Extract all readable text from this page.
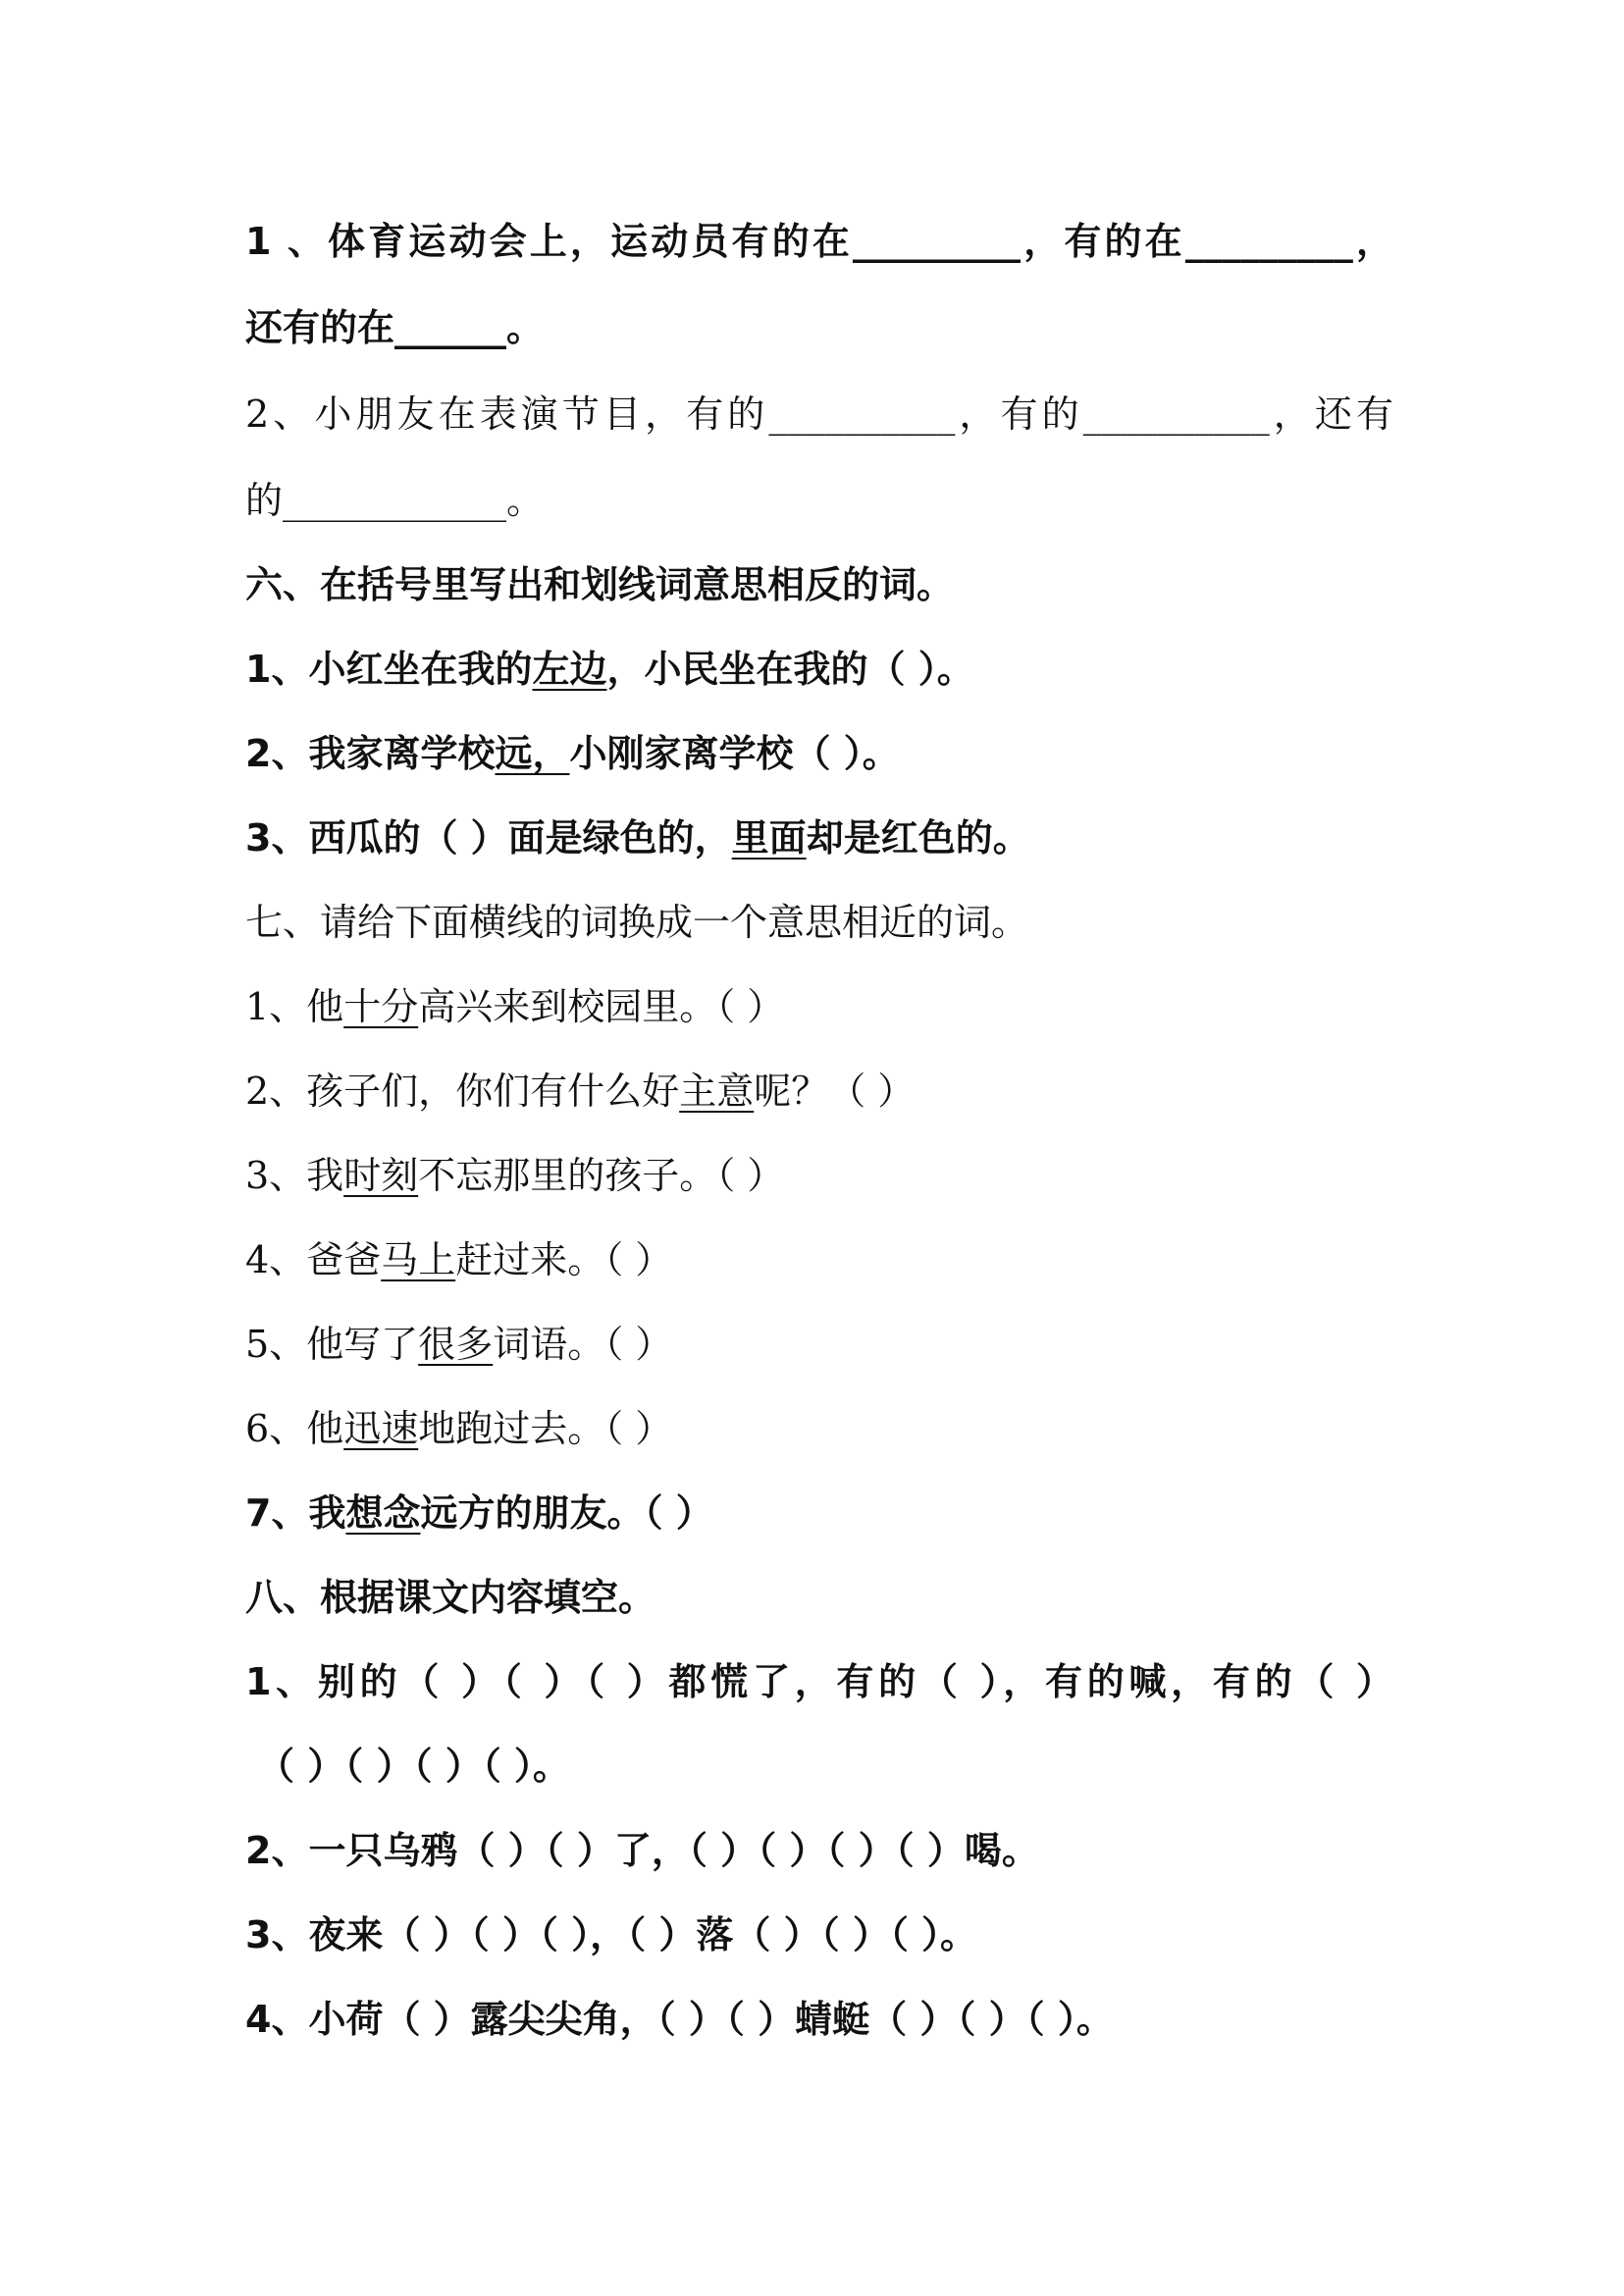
1 、体育运动会上，运动员有的在_________，有的在_________，
还有的在______。
2、小朋友在表演节目，有的__________，有的__________，还有
的____________。
六、在括号里写出和划线词意思相反的词。
1、小红坐在我的左边，小民坐在我的（ ）。
2、我家离学校远，小刚家离学校（ ）。
3、西瓜的（ ）面是绿色的，里面却是红色的。
七、请给下面横线的词换成一个意思相近的词。
1、他十分高兴来到校园里。（ ）
2、孩子们，你们有什么好主意呢？（ ）
3、我时刻不忘那里的孩子。（ ）
4、爸爸马上赶过来。（ ）
5、他写了很多词语。（ ）
6、他迅速地跑过去。（ ）
7、我想念远方的朋友。（ ）
八、根据课文内容填空。
1、别的（ ）（ ）（ ）都慌了，有的（ ），有的喊，有的（ ）
（ ）（ ）（ ）（ ）。
2、一只乌鸦（ ）（ ）了，（ ）（ ）（ ）（ ）喝。
3、夜来（ ）（ ）（ ），（ ）落（ ）（ ）（ ）。
4、小荷（ ）露尖尖角，（ ）（ ）蜻蜓（ ）（ ）（ ）。
